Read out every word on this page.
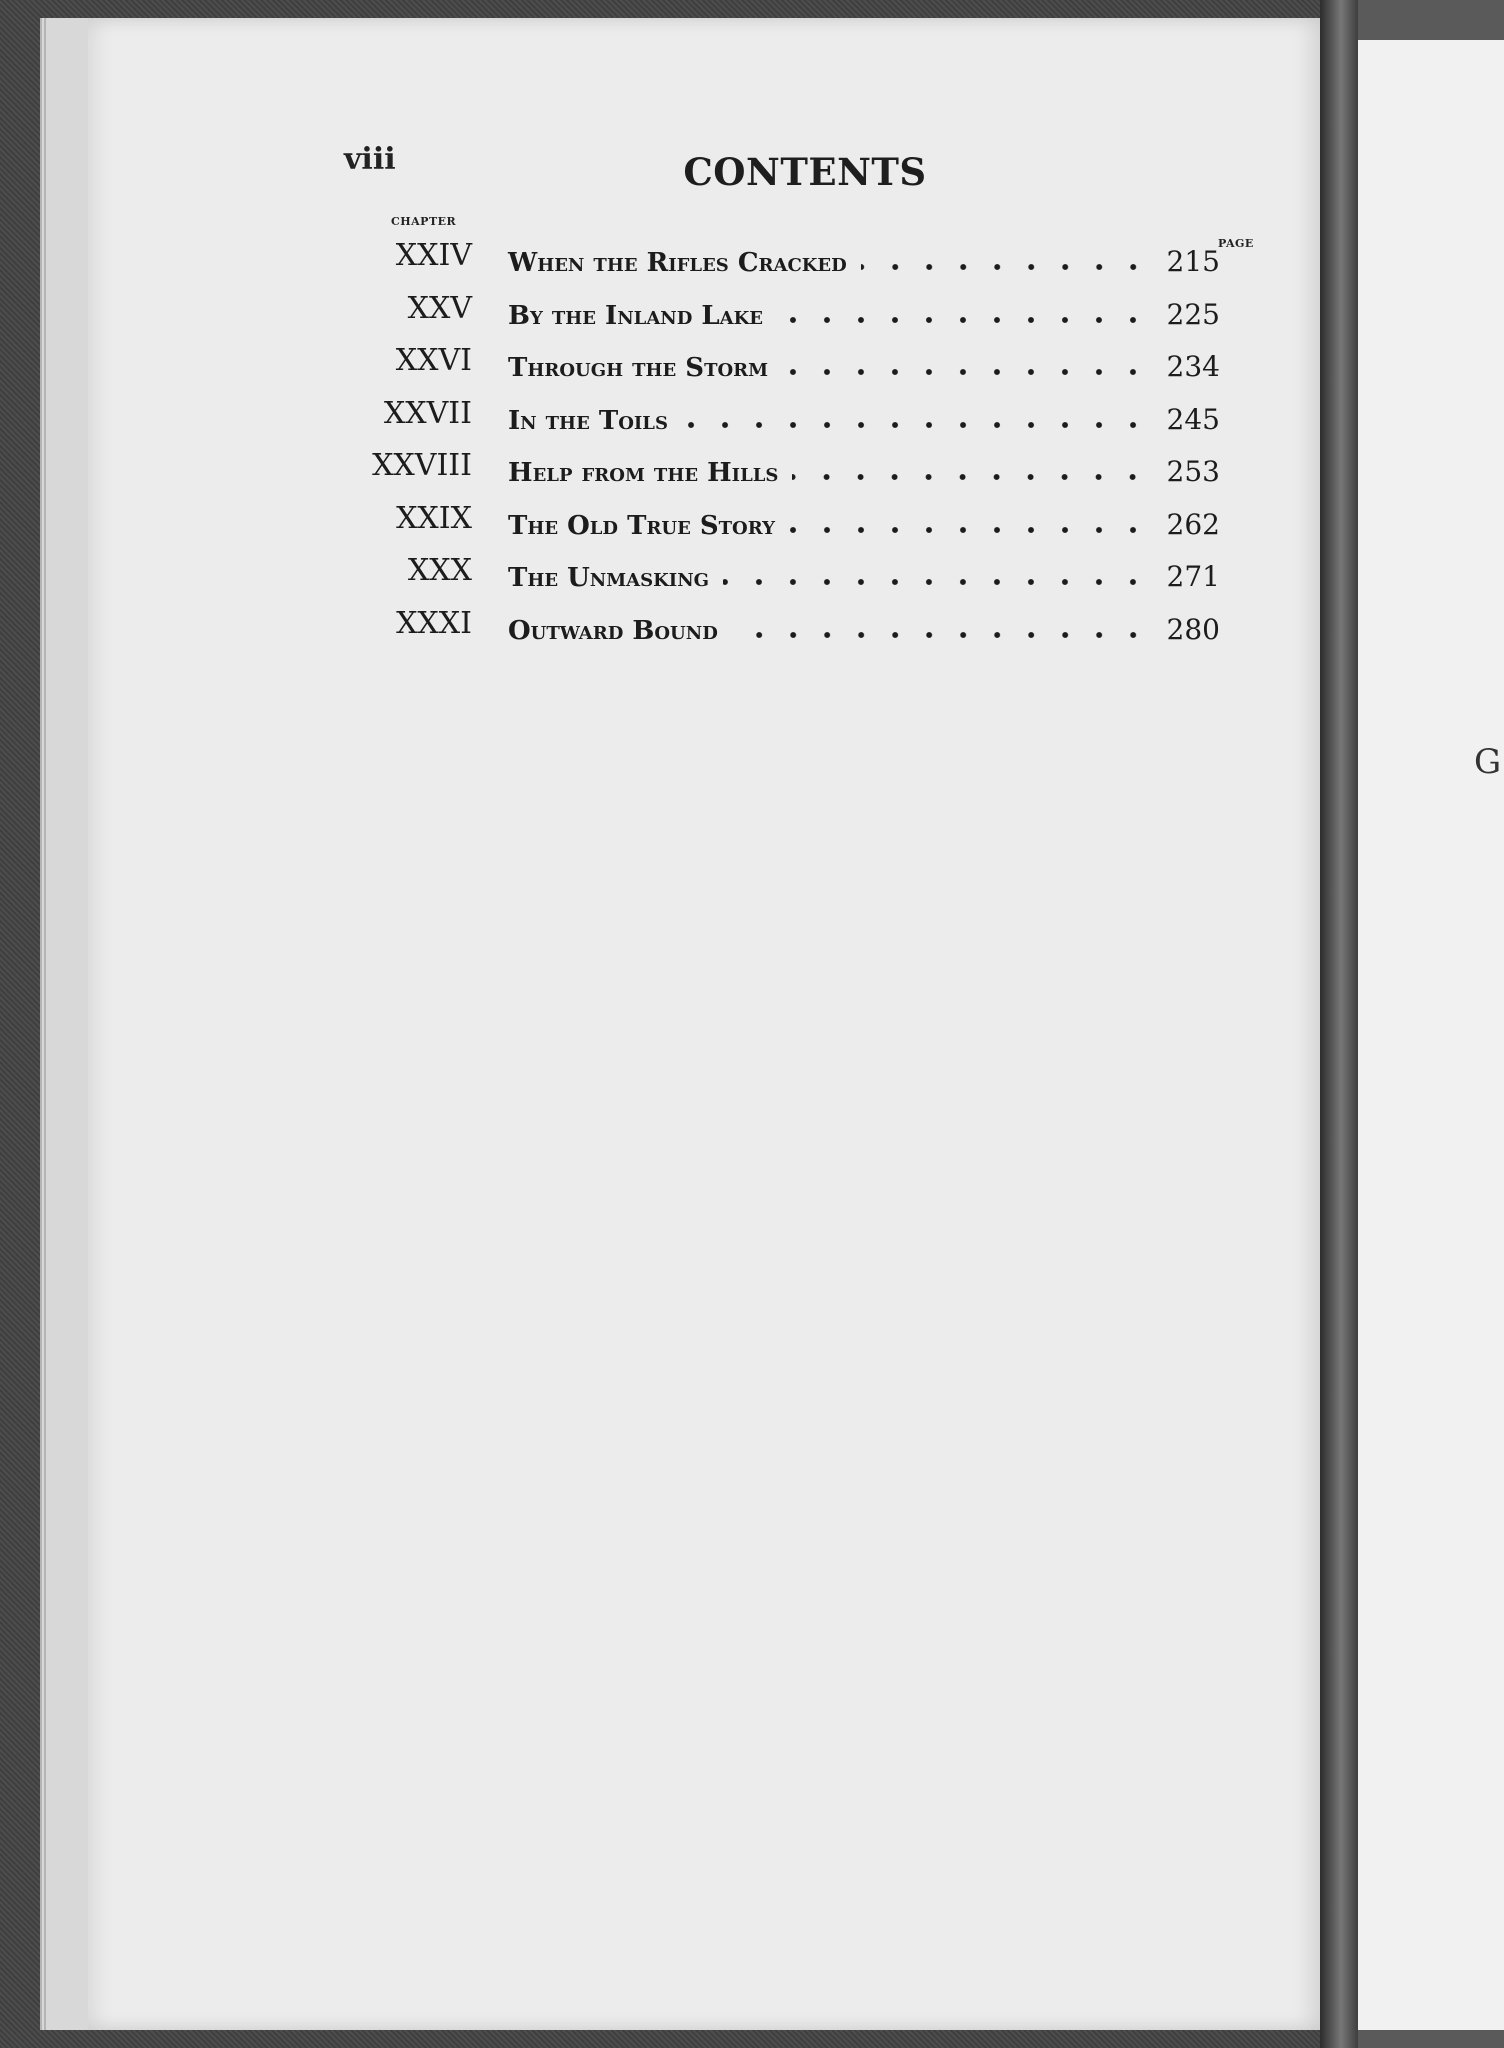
G
viii	CONTENTS
CHAPTER
PAGE
XXIV When the Rifles Cracked	215
XXV By the Inland Lake	225
XXVI Through the Storm	234
XXVII In the Toils	245
XXVIII Help from the Hills	253
XXIX The Old True Story	262
XXX The Unmasking	271
XXXI Outward Bound	280
